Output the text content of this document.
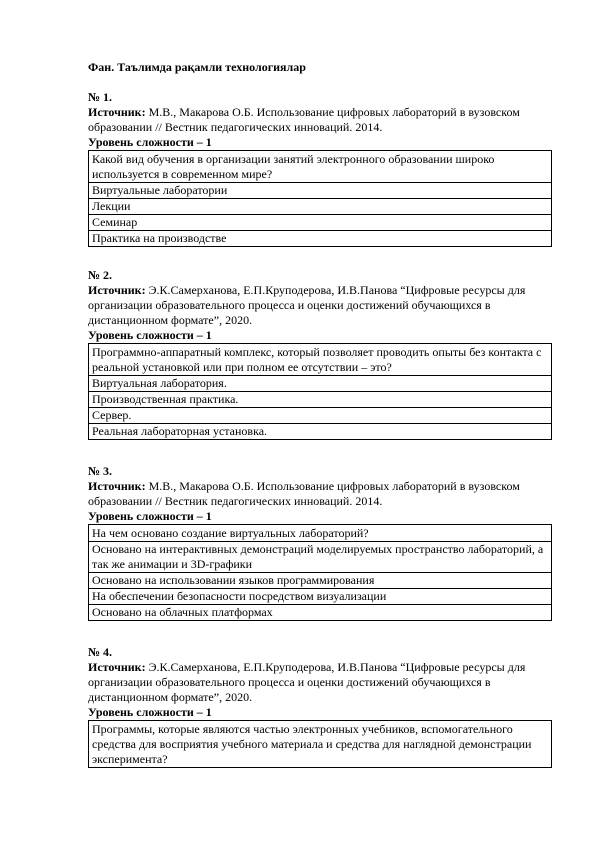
Фан. Таълимда рақамли технологиялар
№ 1.
Источник: М.В., Макарова О.Б. Использование цифровых лабораторий в вузовском образовании // Вестник педагогических инноваций. 2014.
Уровень сложности – 1
Какой вид обучения в организации занятий электронного образовании широко используется в современном мире?
Виртуальные лаборатории
Лекции
Семинар
Практика на производстве
№ 2.
Источник: Э.К.Самерханова, Е.П.Круподерова, И.В.Панова “Цифровые ресурсы для организации образовательного процесса и оценки достижений обучающихся в дистанционном формате”, 2020.
Уровень сложности – 1
Программно-аппаратный комплекс, который позволяет проводить опыты без контакта с реальной установкой или при полном ее отсутствии – это?
Виртуальная лаборатория.
Производственная практика.
Сервер.
Реальная лабораторная установка.
№ 3.
Источник: М.В., Макарова О.Б. Использование цифровых лабораторий в вузовском образовании // Вестник педагогических инноваций. 2014.
Уровень сложности – 1
На чем основано создание виртуальных лабораторий?
Основано на интерактивных демонстраций моделируемых пространство лабораторий, а так же анимации и 3D-графики
Основано на использовании языков программирования
На обеспечении безопасности посредством визуализации
Основано на облачных платформах
№ 4.
Источник: Э.К.Самерханова, Е.П.Круподерова, И.В.Панова “Цифровые ресурсы для организации образовательного процесса и оценки достижений обучающихся в дистанционном формате”, 2020.
Уровень сложности – 1
Программы, которые являются частью электронных учебников, вспомогательного средства для восприятия учебного материала и средства для наглядной демонстрации эксперимента?
